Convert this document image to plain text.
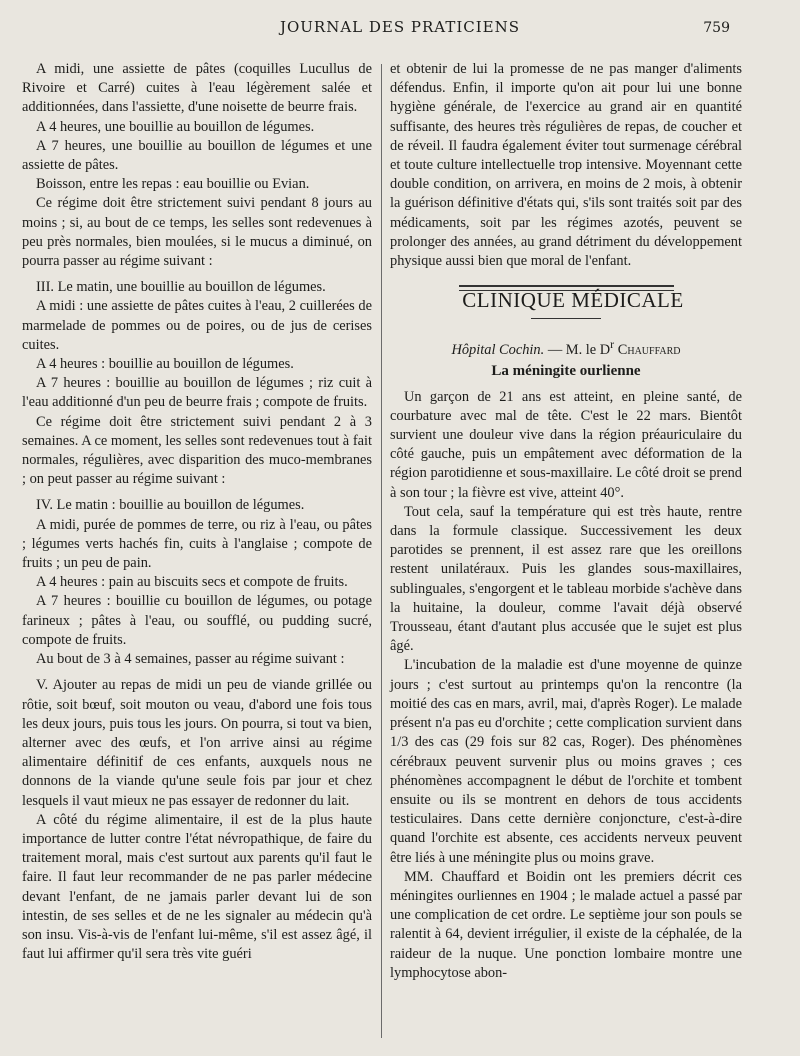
JOURNAL DES PRATICIENS	759

A midi, une assiette de pâtes (coquilles Lucullus de Rivoire et Carré) cuites à l'eau légèrement salée et additionnées, dans l'assiette, d'une noisette de beurre frais.

A 4 heures, une bouillie au bouillon de légumes.

A 7 heures, une bouillie au bouillon de légumes et une assiette de pâtes.

Boisson, entre les repas : eau bouillie ou Evian.

Ce régime doit être strictement suivi pendant 8 jours au moins ; si, au bout de ce temps, les selles sont redevenues à peu près normales, bien moulées, si le mucus a diminué, on pourra passer au régime suivant :

III. Le matin, une bouillie au bouillon de légumes.

A midi : une assiette de pâtes cuites à l'eau, 2 cuillerées de marmelade de pommes ou de poires, ou de jus de cerises cuites.

A 4 heures : bouillie au bouillon de légumes.

A 7 heures : bouillie au bouillon de légumes ; riz cuit à l'eau additionné d'un peu de beurre frais ; compote de fruits.

Ce régime doit être strictement suivi pendant 2 à 3 semaines. A ce moment, les selles sont redevenues tout à fait normales, régulières, avec disparition des muco-membranes ; on peut passer au régime suivant :

IV. Le matin : bouillie au bouillon de légumes.

A midi, purée de pommes de terre, ou riz à l'eau, ou pâtes ; légumes verts hachés fin, cuits à l'anglaise ; compote de fruits ; un peu de pain.

A 4 heures : pain au biscuits secs et compote de fruits.

A 7 heures : bouillie cu bouillon de légumes, ou potage farineux ; pâtes à l'eau, ou soufflé, ou pudding sucré, compote de fruits.

Au bout de 3 à 4 semaines, passer au régime suivant :

V. Ajouter au repas de midi un peu de viande grillée ou rôtie, soit bœuf, soit mouton ou veau, d'abord une fois tous les deux jours, puis tous les jours. On pourra, si tout va bien, alterner avec des œufs, et l'on arrive ainsi au régime alimentaire définitif de ces enfants, auxquels nous ne donnons de la viande qu'une seule fois par jour et chez lesquels il vaut mieux ne pas essayer de redonner du lait.

A côté du régime alimentaire, il est de la plus haute importance de lutter contre l'état névropathique, de faire du traitement moral, mais c'est surtout aux parents qu'il faut le faire. Il faut leur recommander de ne pas parler médecine devant l'enfant, de ne jamais parler devant lui de son intestin, de ses selles et de ne les signaler au médecin qu'à son insu. Vis-à-vis de l'enfant lui-même, s'il est assez âgé, il faut lui affirmer qu'il sera très vite guéri

et obtenir de lui la promesse de ne pas manger d'aliments défendus. Enfin, il importe qu'on ait pour lui une bonne hygiène générale, de l'exercice au grand air en quantité suffisante, des heures très régulières de repas, de coucher et de réveil. Il faudra également éviter tout surmenage cérébral et toute culture intellectuelle trop intensive. Moyennant cette double condition, on arrivera, en moins de 2 mois, à obtenir la guérison définitive d'états qui, s'ils sont traités soit par des médicaments, soit par les régimes azotés, peuvent se prolonger des années, au grand détriment du développement physique aussi bien que moral de l'enfant.

CLINIQUE MÉDICALE

Hôpital Cochin. — M. le $D^r$ Chauffard
La méningite ourlienne

Un garçon de 21 ans est atteint, en pleine santé, de courbature avec mal de tête. C'est le 22 mars. Bientôt survient une douleur vive dans la région préauriculaire du côté gauche, puis un empâtement avec déformation de la région parotidienne et sous-maxillaire. Le côté droit se prend à son tour ; la fièvre est vive, atteint 40°.

Tout cela, sauf la température qui est très haute, rentre dans la formule classique. Successivement les deux parotides se prennent, il est assez rare que les oreillons restent unilatéraux. Puis les glandes sous-maxillaires, sublinguales, s'engorgent et le tableau morbide s'achève dans la huitaine, la douleur, comme l'avait déjà observé Trousseau, étant d'autant plus accusée que le sujet est plus âgé.

L'incubation de la maladie est d'une moyenne de quinze jours ; c'est surtout au printemps qu'on la rencontre (la moitié des cas en mars, avril, mai, d'après Roger). Le malade présent n'a pas eu d'orchite ; cette complication survient dans 1/3 des cas (29 fois sur 82 cas, Roger). Des phénomènes cérébraux peuvent survenir plus ou moins graves ; ces phénomènes accompagnent le début de l'orchite et tombent ensuite ou ils se montrent en dehors de tous accidents testiculaires. Dans cette dernière conjoncture, c'est-à-dire quand l'orchite est absente, ces accidents nerveux peuvent être liés à une méningite plus ou moins grave.

MM. Chauffard et Boidin ont les premiers décrit ces méningites ourliennes en 1904 ; le malade actuel a passé par une complication de cet ordre. Le septième jour son pouls se ralentit à 64, devient irrégulier, il existe de la céphalée, de la raideur de la nuque. Une ponction lombaire montre une lymphocytose abon-
